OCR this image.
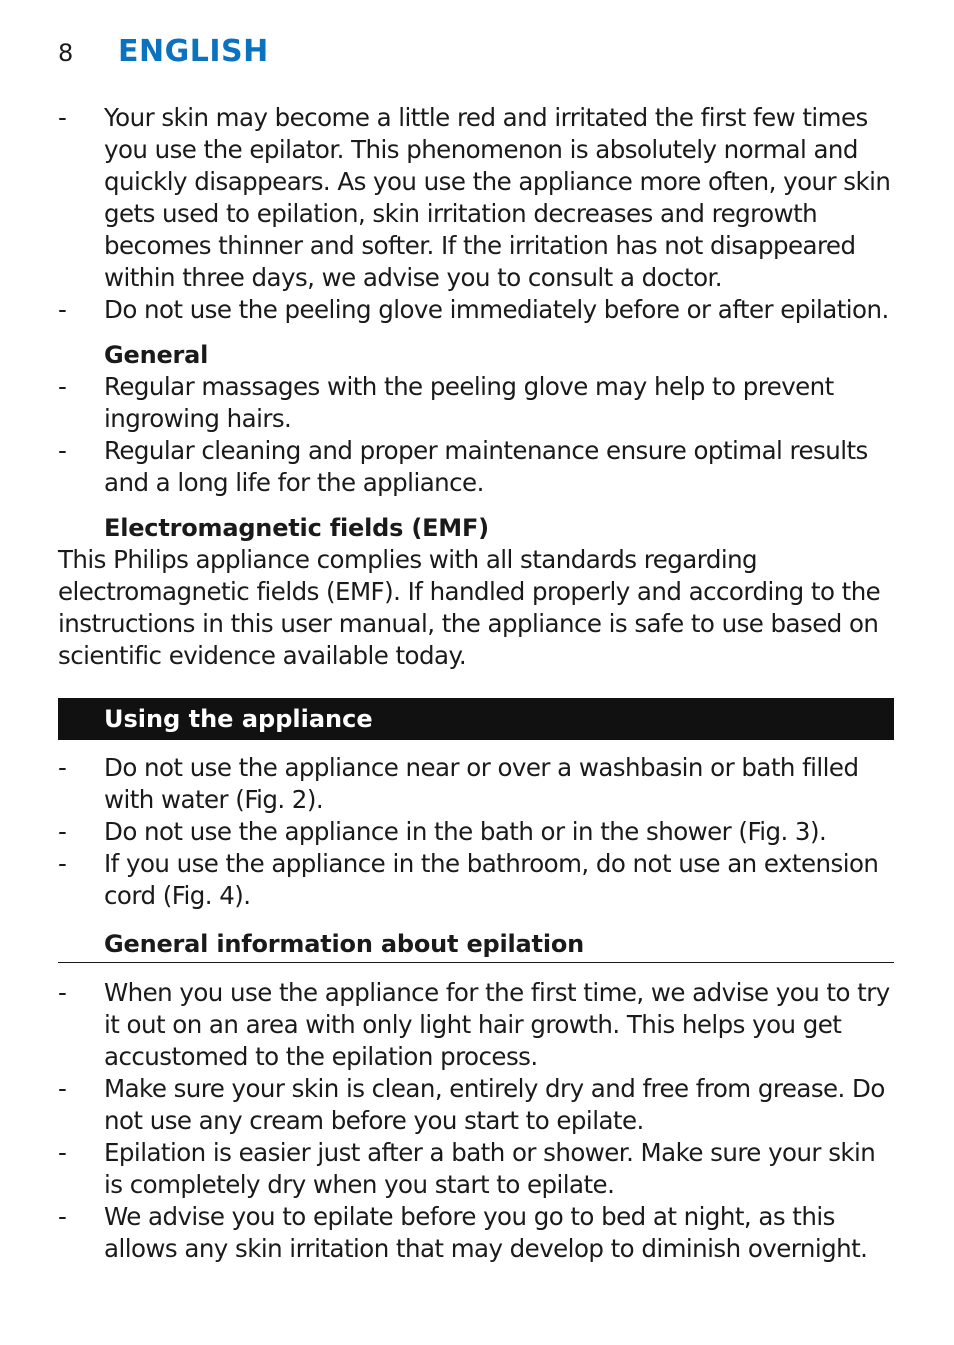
8 ENGLISH
- Your skin may become a little red and irritated the first few times you use the epilator. This phenomenon is absolutely normal and quickly disappears. As you use the appliance more often, your skin gets used to epilation, skin irritation decreases and regrowth becomes thinner and softer. If the irritation has not disappeared within three days, we advise you to consult a doctor.
- Do not use the peeling glove immediately before or after epilation.
General
- Regular massages with the peeling glove may help to prevent ingrowing hairs.
- Regular cleaning and proper maintenance ensure optimal results and a long life for the appliance.
Electromagnetic fields (EMF)
This Philips appliance complies with all standards regarding electromagnetic fields (EMF). If handled properly and according to the instructions in this user manual, the appliance is safe to use based on scientific evidence available today.
Using the appliance
- Do not use the appliance near or over a washbasin or bath filled with water (Fig. 2).
- Do not use the appliance in the bath or in the shower (Fig. 3).
- If you use the appliance in the bathroom, do not use an extension cord (Fig. 4).
General information about epilation
- When you use the appliance for the first time, we advise you to try it out on an area with only light hair growth. This helps you get accustomed to the epilation process.
- Make sure your skin is clean, entirely dry and free from grease. Do not use any cream before you start to epilate.
- Epilation is easier just after a bath or shower. Make sure your skin is completely dry when you start to epilate.
- We advise you to epilate before you go to bed at night, as this allows any skin irritation that may develop to diminish overnight.
